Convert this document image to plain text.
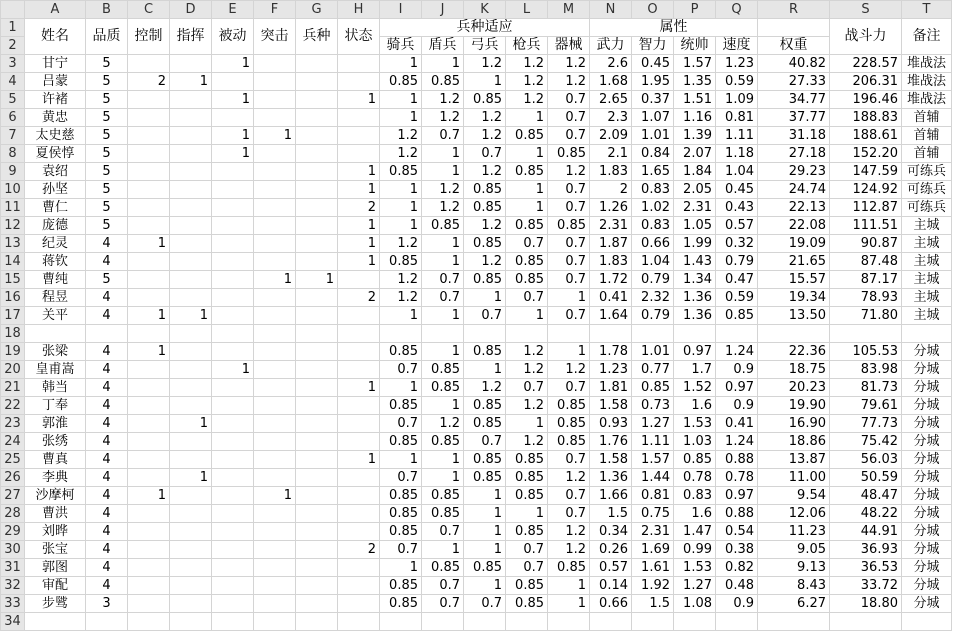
	A	B	C	D	E	F	G	H	I	J	K	L	M	N	O	P	Q	R	S	T
1	姓名	品质	控制	指挥	被动	突击	兵种	状态	兵种适应					属性					战斗力	备注
2									骑兵	盾兵	弓兵	枪兵	器械	武力	智力	统帅	速度	权重		
3	甘宁	5			1				1	1	1.2	1.2	1.2	2.6	0.45	1.57	1.23	40.82	228.57	堆战法
4	吕蒙	5	2	1					0.85	0.85	1	1.2	1.2	1.68	1.95	1.35	0.59	27.33	206.31	堆战法
5	许褚	5			1			1	1	1.2	0.85	1.2	0.7	2.65	0.37	1.51	1.09	34.77	196.46	堆战法
6	黄忠	5							1	1.2	1.2	1	0.7	2.3	1.07	1.16	0.81	37.77	188.83	首辅
7	太史慈	5			1	1			1.2	0.7	1.2	0.85	0.7	2.09	1.01	1.39	1.11	31.18	188.61	首辅
8	夏侯惇	5			1				1.2	1	0.7	1	0.85	2.1	0.84	2.07	1.18	27.18	152.20	首辅
9	袁绍	5						1	0.85	1	1.2	0.85	1.2	1.83	1.65	1.84	1.04	29.23	147.59	可练兵
10	孙坚	5						1	1	1.2	0.85	1	0.7	2	0.83	2.05	0.45	24.74	124.92	可练兵
11	曹仁	5						2	1	1.2	0.85	1	0.7	1.26	1.02	2.31	0.43	22.13	112.87	可练兵
12	庞德	5						1	1	0.85	1.2	0.85	0.85	2.31	0.83	1.05	0.57	22.08	111.51	主城
13	纪灵	4	1					1	1.2	1	0.85	0.7	0.7	1.87	0.66	1.99	0.32	19.09	90.87	主城
14	蒋钦	4						1	0.85	1	1.2	0.85	0.7	1.83	1.04	1.43	0.79	21.65	87.48	主城
15	曹纯	5				1	1		1.2	0.7	0.85	0.85	0.7	1.72	0.79	1.34	0.47	15.57	87.17	主城
16	程昱	4						2	1.2	0.7	1	0.7	1	0.41	2.32	1.36	0.59	19.34	78.93	主城
17	关平	4	1	1					1	1	0.7	1	0.7	1.64	0.79	1.36	0.85	13.50	71.80	主城
18																				
19	张梁	4	1						0.85	1	0.85	1.2	1	1.78	1.01	0.97	1.24	22.36	105.53	分城
20	皇甫嵩	4			1				0.7	0.85	1	1.2	1.2	1.23	0.77	1.7	0.9	18.75	83.98	分城
21	韩当	4						1	1	0.85	1.2	0.7	0.7	1.81	0.85	1.52	0.97	20.23	81.73	分城
22	丁奉	4							0.85	1	0.85	1.2	0.85	1.58	0.73	1.6	0.9	19.90	79.61	分城
23	郭淮	4		1					0.7	1.2	0.85	1	0.85	0.93	1.27	1.53	0.41	16.90	77.73	分城
24	张绣	4							0.85	0.85	0.7	1.2	0.85	1.76	1.11	1.03	1.24	18.86	75.42	分城
25	曹真	4						1	1	1	0.85	0.85	0.7	1.58	1.57	0.85	0.88	13.87	56.03	分城
26	李典	4		1					0.7	1	0.85	0.85	1.2	1.36	1.44	0.78	0.78	11.00	50.59	分城
27	沙摩柯	4	1			1			0.85	0.85	1	0.85	0.7	1.66	0.81	0.83	0.97	9.54	48.47	分城
28	曹洪	4							0.85	0.85	1	1	0.7	1.5	0.75	1.6	0.88	12.06	48.22	分城
29	刘晔	4							0.85	0.7	1	0.85	1.2	0.34	2.31	1.47	0.54	11.23	44.91	分城
30	张宝	4						2	0.7	1	1	0.7	1.2	0.26	1.69	0.99	0.38	9.05	36.93	分城
31	郭图	4							1	0.85	0.85	0.7	0.85	0.57	1.61	1.53	0.82	9.13	36.53	分城
32	审配	4							0.85	0.7	1	0.85	1	0.14	1.92	1.27	0.48	8.43	33.72	分城
33	步骘	3							0.85	0.7	0.7	0.85	1	0.66	1.5	1.08	0.9	6.27	18.80	分城
34																				
